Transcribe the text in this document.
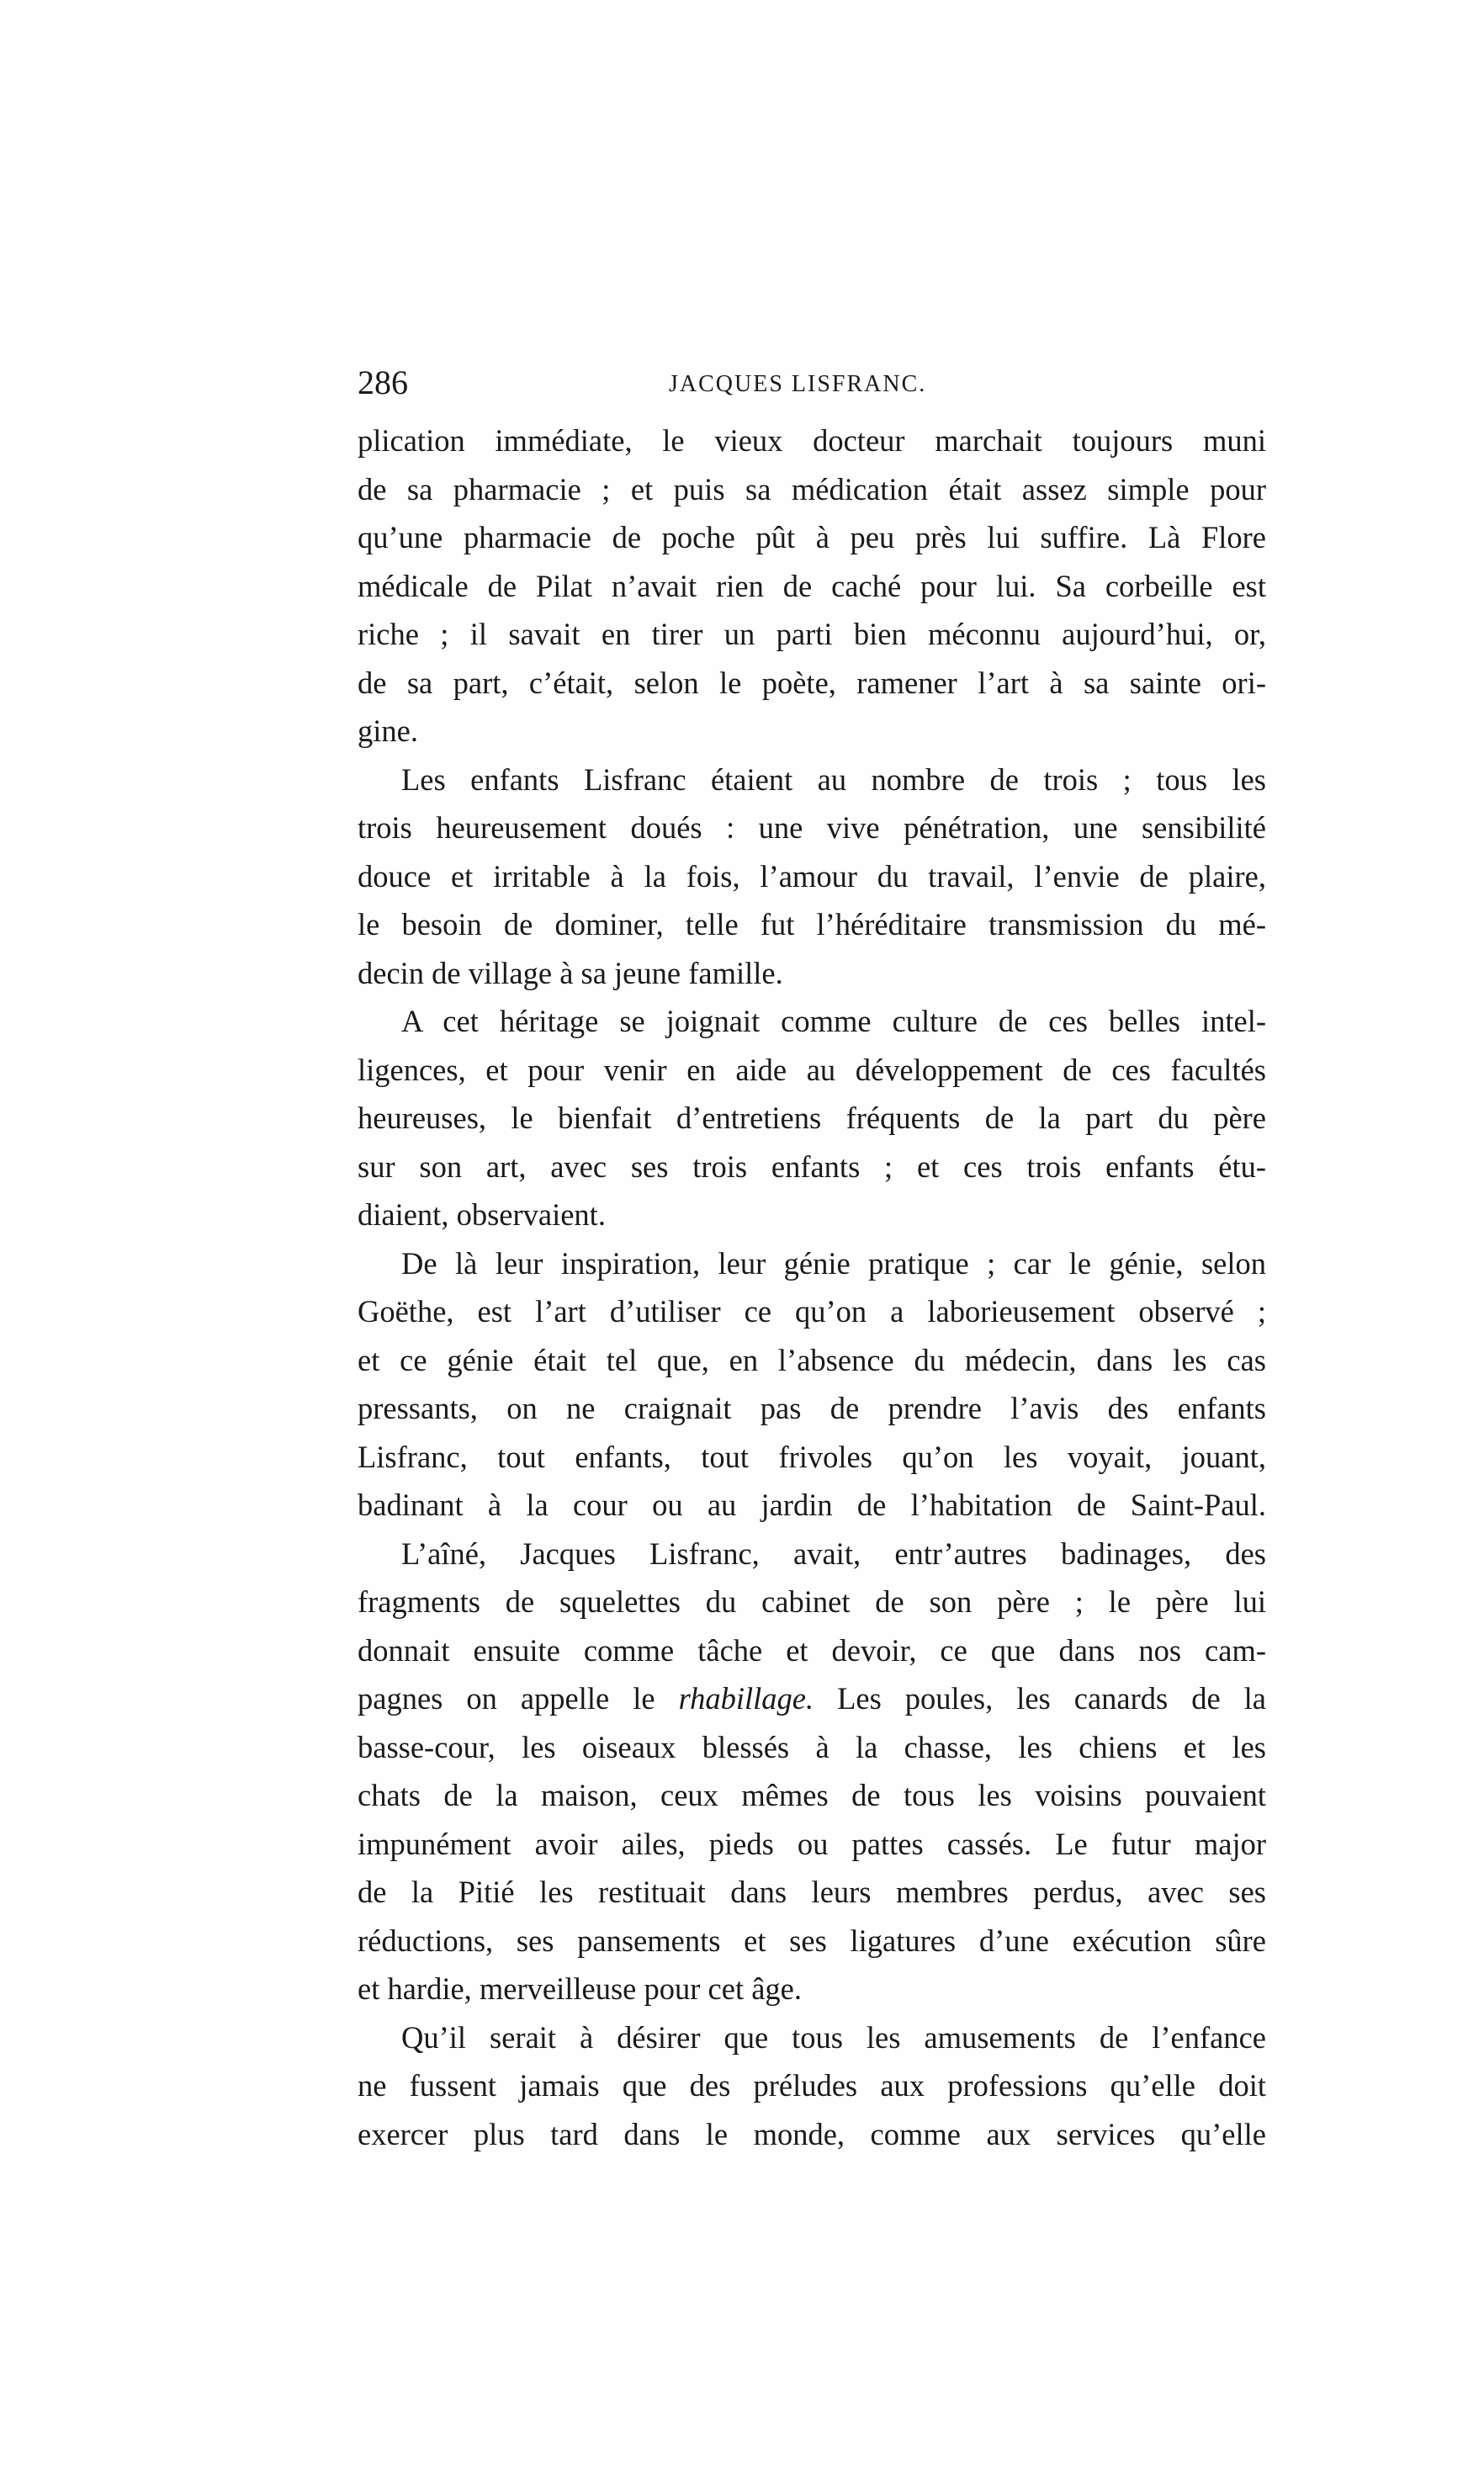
286	JACQUES LISFRANC.
plication immédiate, le vieux docteur marchait toujours muni
de sa pharmacie ; et puis sa médication était assez simple pour
qu’une pharmacie de poche pût à peu près lui suffire. Là Flore
médicale de Pilat n’avait rien de caché pour lui. Sa corbeille est
riche ; il savait en tirer un parti bien méconnu aujourd’hui, or,
de sa part, c’était, selon le poète, ramener l’art à sa sainte ori-
gine.
Les enfants Lisfranc étaient au nombre de trois ; tous les
trois heureusement doués : une vive pénétration, une sensibilité
douce et irritable à la fois, l’amour du travail, l’envie de plaire,
le besoin de dominer, telle fut l’héréditaire transmission du mé-
decin de village à sa jeune famille.
A cet héritage se joignait comme culture de ces belles intel-
ligences, et pour venir en aide au développement de ces facultés
heureuses, le bienfait d’entretiens fréquents de la part du père
sur son art, avec ses trois enfants ; et ces trois enfants étu-
diaient, observaient.
De là leur inspiration, leur génie pratique ; car le génie, selon
Goëthe, est l’art d’utiliser ce qu’on a laborieusement observé ;
et ce génie était tel que, en l’absence du médecin, dans les cas
pressants, on ne craignait pas de prendre l’avis des enfants
Lisfranc, tout enfants, tout frivoles qu’on les voyait, jouant,
badinant à la cour ou au jardin de l’habitation de Saint-Paul.
L’aîné, Jacques Lisfranc, avait, entr’autres badinages, des
fragments de squelettes du cabinet de son père ; le père lui
donnait ensuite comme tâche et devoir, ce que dans nos cam-
pagnes on appelle le rhabillage. Les poules, les canards de la
basse-cour, les oiseaux blessés à la chasse, les chiens et les
chats de la maison, ceux mêmes de tous les voisins pouvaient
impunément avoir ailes, pieds ou pattes cassés. Le futur major
de la Pitié les restituait dans leurs membres perdus, avec ses
réductions, ses pansements et ses ligatures d’une exécution sûre
et hardie, merveilleuse pour cet âge.
Qu’il serait à désirer que tous les amusements de l’enfance
ne fussent jamais que des préludes aux professions qu’elle doit
exercer plus tard dans le monde, comme aux services qu’elle
